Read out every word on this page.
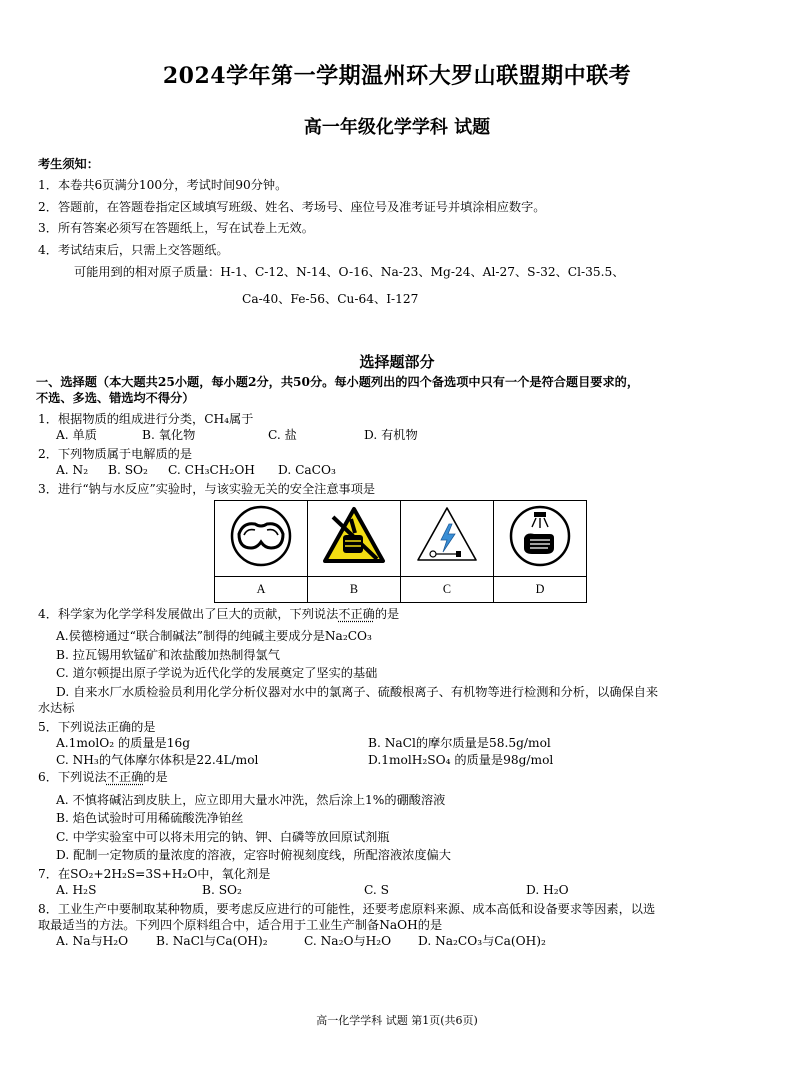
2024学年第一学期温州环大罗山联盟期中联考
高一年级化学学科 试题
考生须知：
1．本卷共6页满分100分，考试时间90分钟。
2．答题前，在答题卷指定区域填写班级、姓名、考场号、座位号及准考证号并填涂相应数字。
3．所有答案必须写在答题纸上，写在试卷上无效。
4．考试结束后，只需上交答题纸。
可能用到的相对原子质量：H-1、C-12、N-14、O-16、Na-23、Mg-24、Al-27、S-32、Cl-35.5、
Ca-40、Fe-56、Cu-64、I-127
选择题部分
一、选择题（本大题共25小题，每小题2分，共50分。每小题列出的四个备选项中只有一个是符合题目要求的，
不选、多选、错选均不得分）
1．根据物质的组成进行分类，CH₄属于
A. 单质	B. 氧化物	C. 盐	D. 有机物
2．下列物质属于电解质的是
A. N₂	B. SO₂	C. CH₃CH₂OH	D. CaCO₃
3．进行“钠与水反应”实验时，与该实验无关的安全注意事项是

A	B	C	D
4．科学家为化学学科发展做出了巨大的贡献，下列说法不正确的是
A.侯德榜通过“联合制碱法”制得的纯碱主要成分是Na₂CO₃
B. 拉瓦锡用软锰矿和浓盐酸加热制得氯气
C. 道尔顿提出原子学说为近代化学的发展奠定了坚实的基础
D. 自来水厂水质检验员利用化学分析仪器对水中的氯离子、硫酸根离子、有机物等进行检测和分析，以确保自来
水达标
5．下列说法正确的是
A.1molO₂ 的质量是16g	B. NaCl的摩尔质量是58.5g/mol
C. NH₃的气体摩尔体积是22.4L/mol	D.1molH₂SO₄ 的质量是98g/mol
6．下列说法不正确的是
A. 不慎将碱沾到皮肤上，应立即用大量水冲洗，然后涂上1%的硼酸溶液
B. 焰色试验时可用稀硫酸洗净铂丝
C. 中学实验室中可以将未用完的钠、钾、白磷等放回原试剂瓶
D. 配制一定物质的量浓度的溶液，定容时俯视刻度线，所配溶液浓度偏大
7．在SO₂+2H₂S=3S+H₂O中，氧化剂是
A. H₂S	B. SO₂	C. S	D. H₂O
8．工业生产中要制取某种物质，要考虑反应进行的可能性，还要考虑原料来源、成本高低和设备要求等因素，以选
取最适当的方法。下列四个原料组合中，适合用于工业生产制备NaOH的是
A. Na与H₂O	B. NaCl与Ca(OH)₂	C. Na₂O与H₂O	D. Na₂CO₃与Ca(OH)₂
高一化学学科 试题 第1页(共6页)
